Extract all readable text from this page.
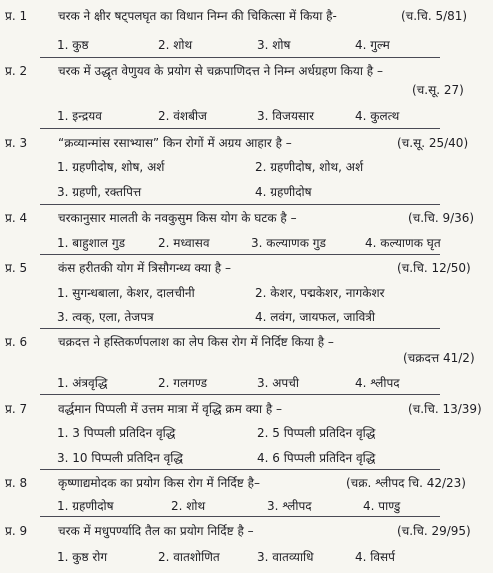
प्र. 1	चरक ने क्षीर षट्पलघृत का विधान निम्न की चिकित्सा में किया है-	(च.चि. 5/81)
1. कुष्ठ	2. शोथ	3. शोष	4. गुल्म
प्र. 2	चरक में उद्धृत वेणुयव के प्रयोग से चक्रपाणिदत्त ने निम्न अर्धग्रहण किया है –
(च.सू. 27)
1. इन्द्रयव	2. वंशबीज	3. विजयसार	4. कुलत्थ
प्र. 3	“क्रव्यान्मांस रसाभ्यास” किन रोगों में अग्रय आहार है –	(च.सू. 25/40)
1. ग्रहणीदोष, शोष, अर्श	2. ग्रहणीदोष, शोथ, अर्श
3. ग्रहणी, रक्तपित्त	4. ग्रहणीदोष
प्र. 4	चरकानुसार मालती के नवकुसुम किस योग के घटक है –	(च.चि. 9/36)
1. बाहुशाल गुड	2. मध्वासव	3. कल्याणक गुड	4. कल्याणक घृत
प्र. 5	कंस हरीतकी योग में त्रिसौगन्ध्य क्या है –	(च.चि. 12/50)
1. सुगन्धबाला, केशर, दालचीनी	2. केशर, पद्मकेशर, नागकेशर
3. त्वक्, एला, तेजपत्र	4. लवंग, जायफल, जावित्री
प्र. 6	चक्रदत्त ने हस्तिकर्णपलाश का लेप किस रोग में निर्दिष्ट किया है –
(चक्रदत्त 41/2)
1. अंत्रवृद्धि	2. गलगण्ड	3. अपची	4. श्लीपद
प्र. 7	वर्द्धमान पिप्पली में उत्तम मात्रा में वृद्धि क्रम क्या है –	(च.चि. 13/39)
1. 3 पिप्पली प्रतिदिन वृद्धि	2. 5 पिप्पली प्रतिदिन वृद्धि
3. 10 पिप्पली प्रतिदिन वृद्धि	4. 6 पिप्पली प्रतिदिन वृद्धि
प्र. 8	कृष्णाद्यमोदक का प्रयोग किस रोग में निर्दिष्ट है–	(चक्र. श्लीपद चि. 42/23)
1. ग्रहणीदोष	2. शोथ	3. श्लीपद	4. पाण्डु
प्र. 9	चरक में मधुपर्ण्यादि तैल का प्रयोग निर्दिष्ट है –	(च.चि. 29/95)
1. कुष्ठ रोग	2. वातशोणित	3. वातव्याधि	4. विसर्प
